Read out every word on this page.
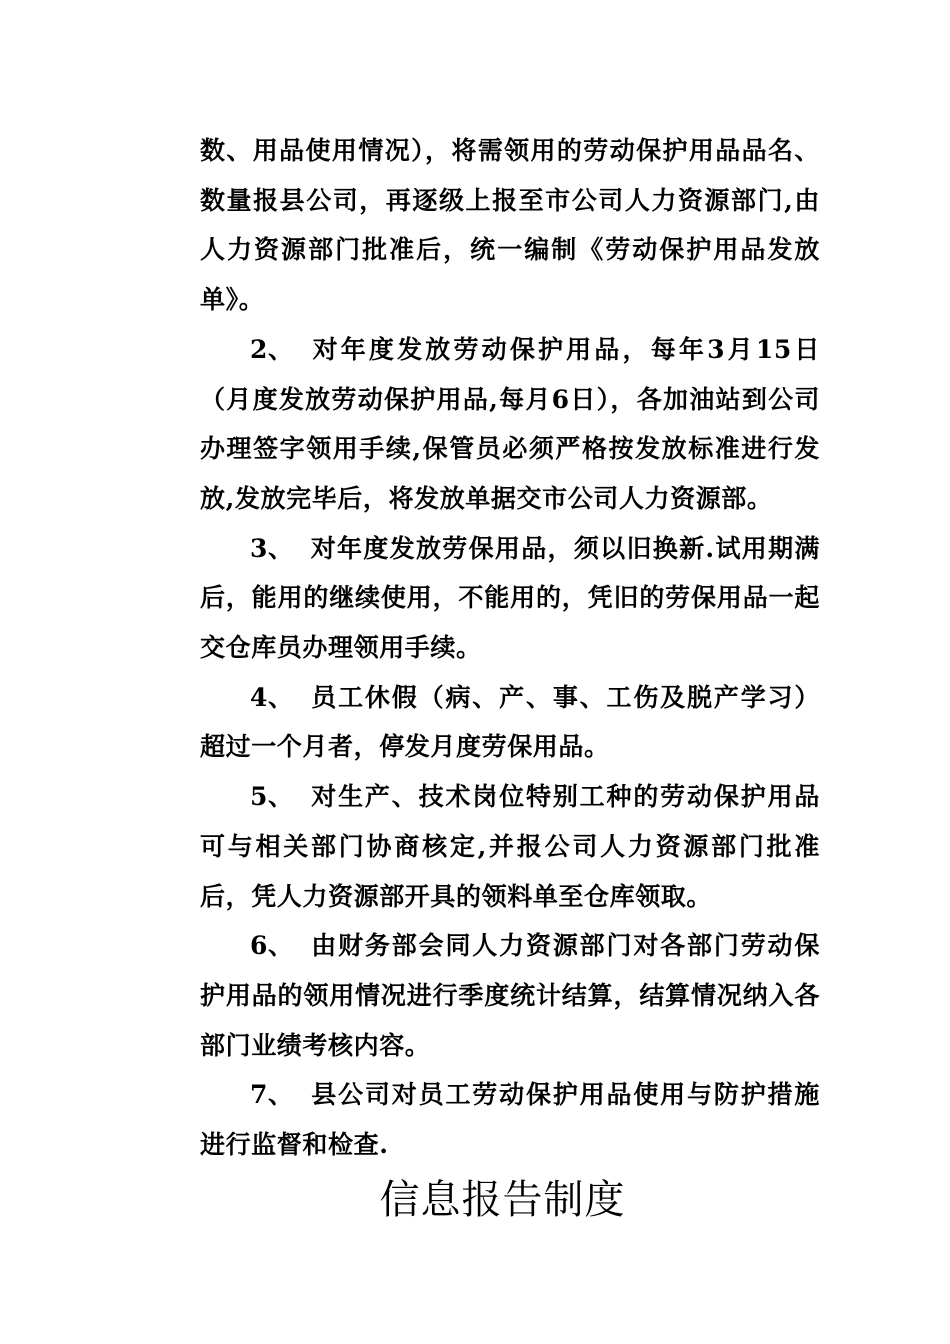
数、用品使用情况），将需领用的劳动保护用品品名、数量报县公司，再逐级上报至市公司人力资源部门,由人力资源部门批准后，统一编制《劳动保护用品发放单》。

2、 对年度发放劳动保护用品，每年3月15日（月度发放劳动保护用品,每月6日），各加油站到公司办理签字领用手续,保管员必须严格按发放标准进行发放,发放完毕后，将发放单据交市公司人力资源部。

3、 对年度发放劳保用品，须以旧换新.试用期满后，能用的继续使用，不能用的，凭旧的劳保用品一起交仓库员办理领用手续。

4、 员工休假（病、产、事、工伤及脱产学习）超过一个月者，停发月度劳保用品。

5、 对生产、技术岗位特别工种的劳动保护用品可与相关部门协商核定,并报公司人力资源部门批准后，凭人力资源部开具的领料单至仓库领取。

6、 由财务部会同人力资源部门对各部门劳动保护用品的领用情况进行季度统计结算，结算情况纳入各部门业绩考核内容。

7、 县公司对员工劳动保护用品使用与防护措施进行监督和检查.

信息报告制度
